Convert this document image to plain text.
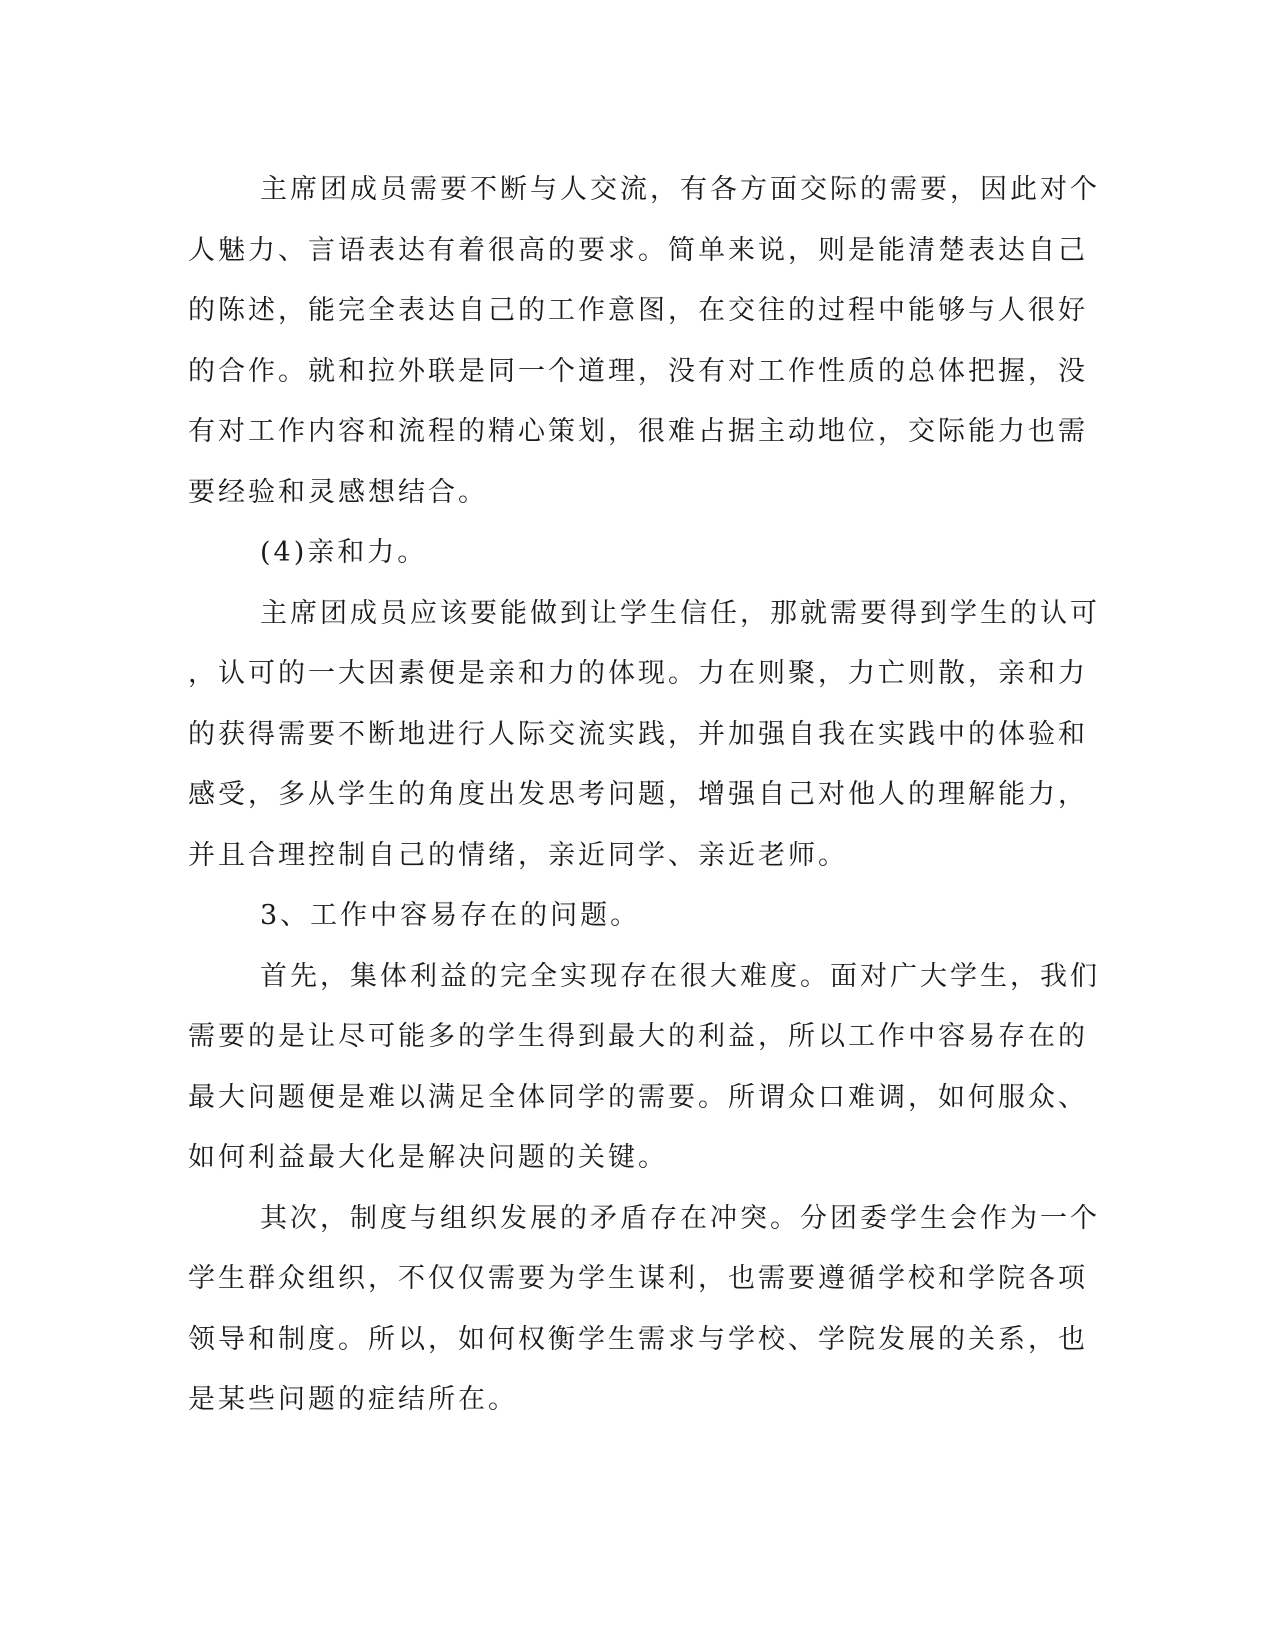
主席团成员需要不断与人交流，有各方面交际的需要，因此对个
人魅力、言语表达有着很高的要求。简单来说，则是能清楚表达自己
的陈述，能完全表达自己的工作意图，在交往的过程中能够与人很好
的合作。就和拉外联是同一个道理，没有对工作性质的总体把握，没
有对工作内容和流程的精心策划，很难占据主动地位，交际能力也需
要经验和灵感想结合。
(4)亲和力。
主席团成员应该要能做到让学生信任，那就需要得到学生的认可
，认可的一大因素便是亲和力的体现。力在则聚，力亡则散，亲和力
的获得需要不断地进行人际交流实践，并加强自我在实践中的体验和
感受，多从学生的角度出发思考问题，增强自己对他人的理解能力，
并且合理控制自己的情绪，亲近同学、亲近老师。
3、工作中容易存在的问题。
首先，集体利益的完全实现存在很大难度。面对广大学生，我们
需要的是让尽可能多的学生得到最大的利益，所以工作中容易存在的
最大问题便是难以满足全体同学的需要。所谓众口难调，如何服众、
如何利益最大化是解决问题的关键。
其次，制度与组织发展的矛盾存在冲突。分团委学生会作为一个
学生群众组织，不仅仅需要为学生谋利，也需要遵循学校和学院各项
领导和制度。所以，如何权衡学生需求与学校、学院发展的关系，也
是某些问题的症结所在。
